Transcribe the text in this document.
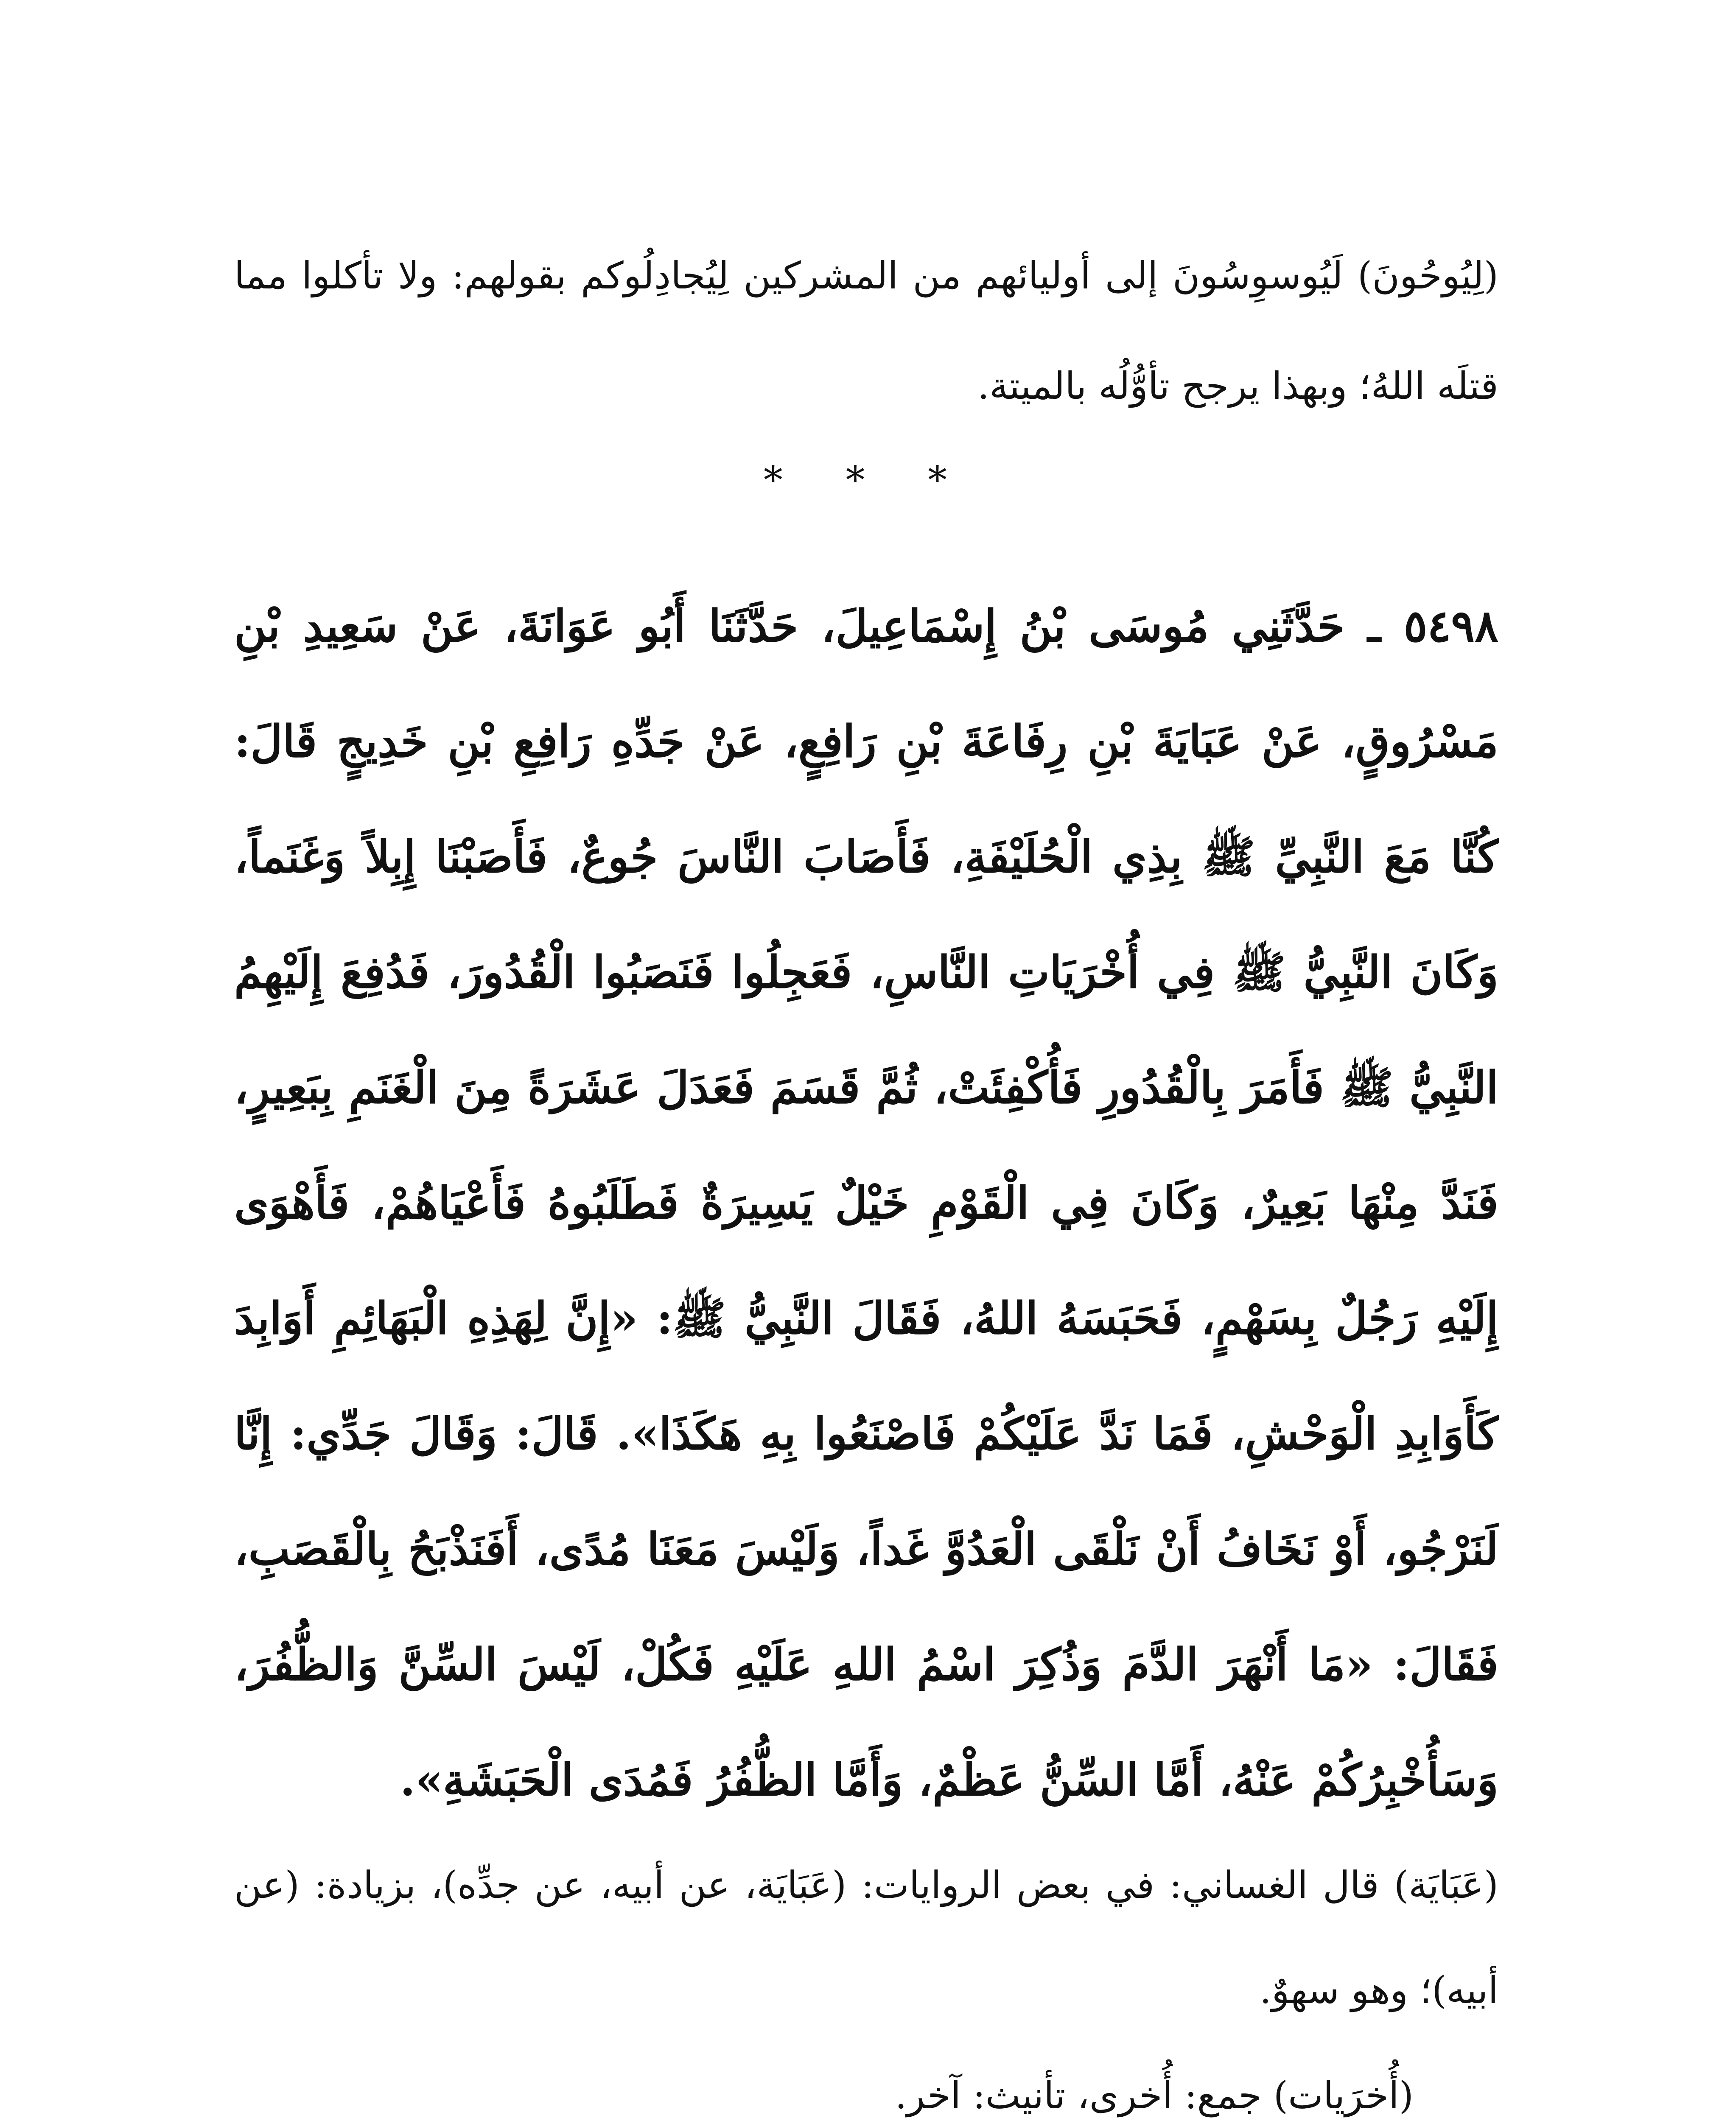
(لِيُوحُونَ) لَيُوسوِسُونَ إلى أوليائهم من المشركين لِيُجادِلُوكم بقولهم: ولا تأكلوا مما قتلَه اللهُ؛ وبهذا يرجح تأوُّلُه بالميتة.

* * *

٥٤٩٨ ـ حَدَّثَنِي مُوسَى بْنُ إِسْمَاعِيلَ، حَدَّثَنَا أَبُو عَوَانَةَ، عَنْ سَعِيدِ بْنِ مَسْرُوقٍ، عَنْ عَبَايَةَ بْنِ رِفَاعَةَ بْنِ رَافِعٍ، عَنْ جَدِّهِ رَافِعِ بْنِ خَدِيجٍ قَالَ: كُنَّا مَعَ النَّبِيِّ ﷺ بِذِي الْحُلَيْفَةِ، فَأَصَابَ النَّاسَ جُوعٌ، فَأَصَبْنَا إِبِلاً وَغَنَماً، وَكَانَ النَّبِيُّ ﷺ فِي أُخْرَيَاتِ النَّاسِ، فَعَجِلُوا فَنَصَبُوا الْقُدُورَ، فَدُفِعَ إِلَيْهِمُ النَّبِيُّ ﷺ فَأَمَرَ بِالْقُدُورِ فَأُكْفِئَتْ، ثُمَّ قَسَمَ فَعَدَلَ عَشَرَةً مِنَ الْغَنَمِ بِبَعِيرٍ، فَنَدَّ مِنْهَا بَعِيرٌ، وَكَانَ فِي الْقَوْمِ خَيْلٌ يَسِيرَةٌ فَطَلَبُوهُ فَأَعْيَاهُمْ، فَأَهْوَى إِلَيْهِ رَجُلٌ بِسَهْمٍ، فَحَبَسَهُ اللهُ، فَقَالَ النَّبِيُّ ﷺ: «إِنَّ لِهَذِهِ الْبَهَائِمِ أَوَابِدَ كَأَوَابِدِ الْوَحْشِ، فَمَا نَدَّ عَلَيْكُمْ فَاصْنَعُوا بِهِ هَكَذَا». قَالَ: وَقَالَ جَدِّي: إِنَّا لَنَرْجُو، أَوْ نَخَافُ أَنْ نَلْقَى الْعَدُوَّ غَداً، وَلَيْسَ مَعَنَا مُدًى، أَفَنَذْبَحُ بِالْقَصَبِ، فَقَالَ: «مَا أَنْهَرَ الدَّمَ وَذُكِرَ اسْمُ اللهِ عَلَيْهِ فَكُلْ، لَيْسَ السِّنَّ وَالظُّفُرَ، وَسَأُخْبِرُكُمْ عَنْهُ، أَمَّا السِّنُّ عَظْمٌ، وَأَمَّا الظُّفُرُ فَمُدَى الْحَبَشَةِ».

(عَبَايَة) قال الغساني: في بعض الروايات: (عَبَايَة، عن أبيه، عن جدِّه)، بزيادة: (عن أبيه)؛ وهو سهوٌ.

(أُخرَيات) جمع: أُخرى، تأنيث: آخر.
